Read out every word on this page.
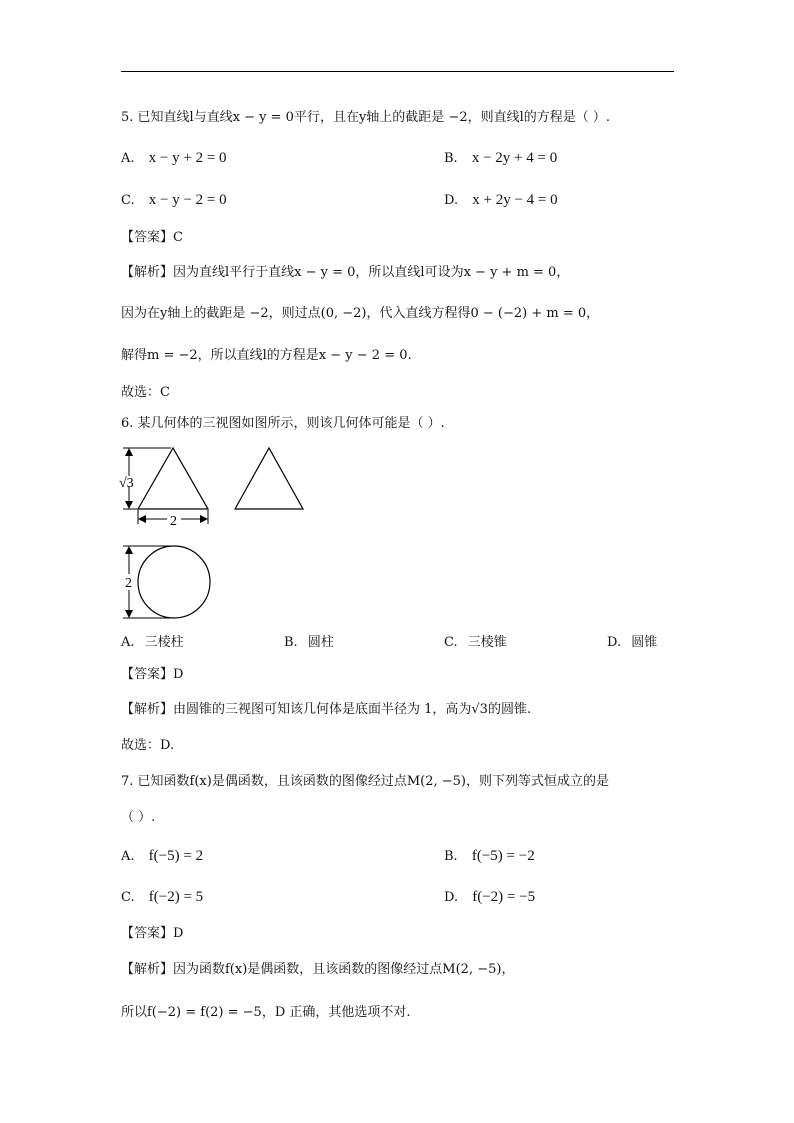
5. 已知直线l与直线x − y = 0平行，且在y轴上的截距是 −2，则直线l的方程是（ ）.
A. x − y + 2 = 0	B. x − 2y + 4 = 0
C. x − y − 2 = 0	D. x + 2y − 4 = 0
【答案】C
【解析】因为直线l平行于直线x − y = 0，所以直线l可设为x − y + m = 0，
因为在y轴上的截距是 −2，则过点(0, −2)，代入直线方程得0 − (−2) + m = 0，
解得m = −2，所以直线l的方程是x − y − 2 = 0.
故选：C
6. 某几何体的三视图如图所示，则该几何体可能是（ ）.
√3
2
2
A. 三棱柱	B. 圆柱	C. 三棱锥	D. 圆锥
【答案】D
【解析】由圆锥的三视图可知该几何体是底面半径为 1，高为√3的圆锥.
故选：D.
7. 已知函数f(x)是偶函数，且该函数的图像经过点M(2, −5)，则下列等式恒成立的是
（ ）.
A. f(−5) = 2	B. f(−5) = −2
C. f(−2) = 5	D. f(−2) = −5
【答案】D
【解析】因为函数f(x)是偶函数，且该函数的图像经过点M(2, −5)，
所以f(−2) = f(2) = −5，D 正确，其他选项不对.
